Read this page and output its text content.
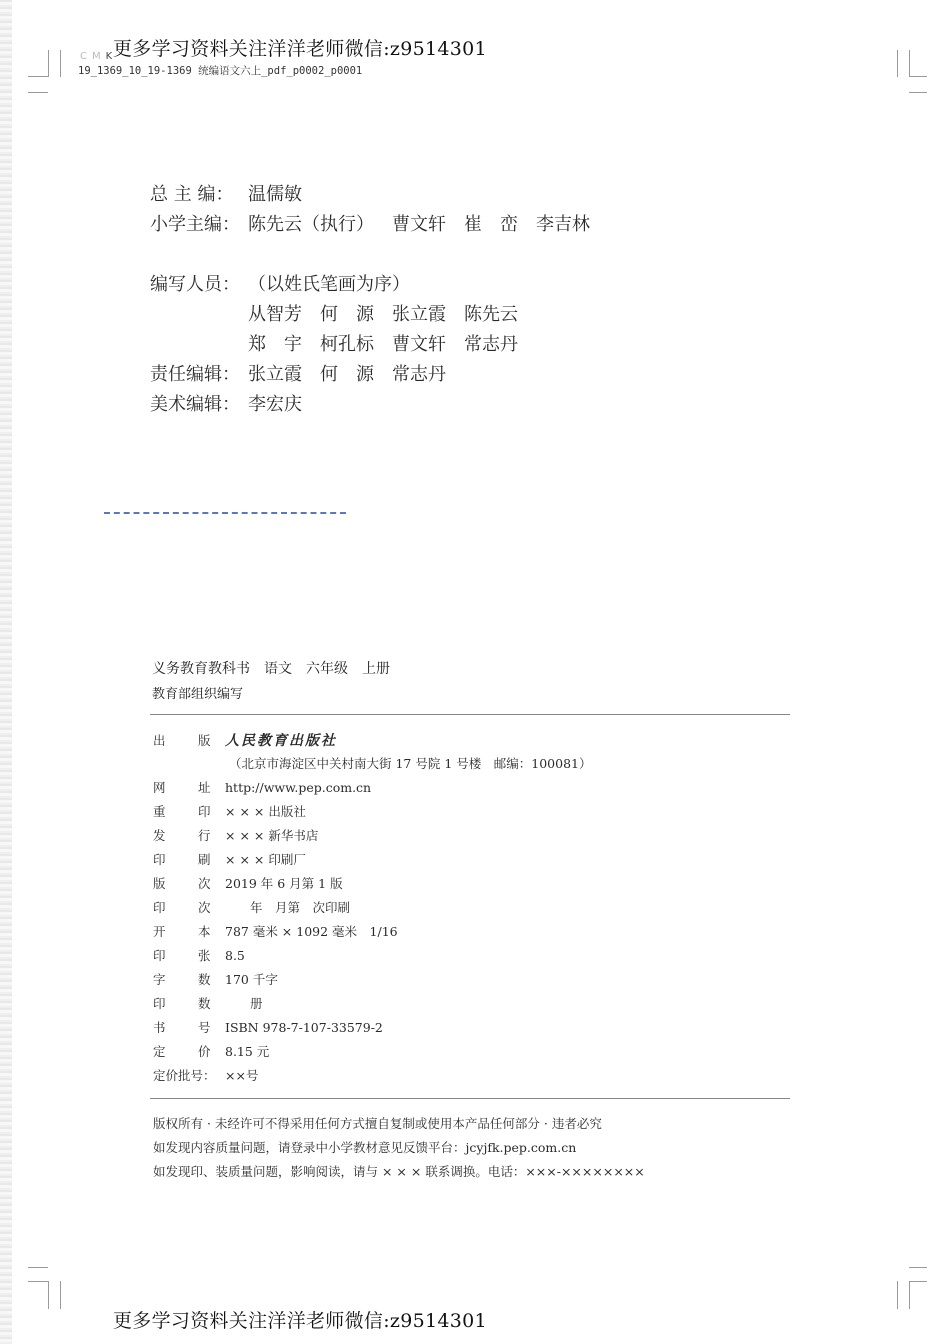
更多学习资料关注洋洋老师微信:z9514301
CMK
19_1369_10_19-1369 统编语文六上_pdf_p0002_p0001
总 主 编： 温儒敏
小学主编： 陈先云（执行） 曹文轩 崔　峦 李吉林
编写人员： （以姓氏笔画为序）
从智芳 何　源 张立霞 陈先云
郑　宇 柯孔标 曹文轩 常志丹
责任编辑： 张立霞 何　源 常志丹
美术编辑： 李宏庆
义务教育教科书 语文 六年级 上册
教育部组织编写
出	版 人民教育出版社
（北京市海淀区中关村南大街 17 号院 1 号楼　邮编：100081）
网	址 http://www.pep.com.cn
重	印 × × × 出版社
发	行 × × × 新华书店
印	刷 × × × 印刷厂
版	次 2019 年 6 月第 1 版
印	次　　年　月第　次印刷
开	本 787 毫米 × 1092 毫米　1/16
印	张 8.5
字	数 170 千字
印	数　　册
书	号 ISBN 978-7-107-33579-2
定	价 8.15 元
定价批号： ××号
版权所有 · 未经许可不得采用任何方式擅自复制或使用本产品任何部分 · 违者必究
如发现内容质量问题，请登录中小学教材意见反馈平台：jcyjfk.pep.com.cn
如发现印、装质量问题，影响阅读，请与 × × × 联系调换。电话：×××-××××××××
更多学习资料关注洋洋老师微信:z9514301
